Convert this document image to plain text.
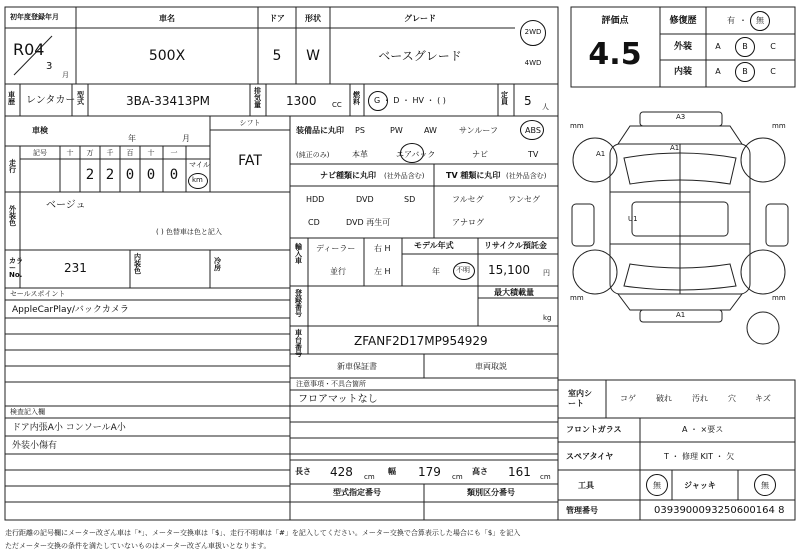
A3
A1
A1
U1
A1
mm	mm
mm	mm
初年度登録年月
R04
3
月
車名
500X
ドア
5
形状
W
グレード
ベースグレード
2WD
4WD
評価点
4.5
修復歴	有 ・ 無
外装	A	B	C
内装	A	B	C
車歴 レンタカー 型式	3BA-33413PM
排気量 1300 CC
燃料 G ・ D ・ HV ・ ( )
定員 5 人
車検
年	月
シフト
FAT
走行
記号	十 万 千 百 十 一
2 2 0 0 0
マイル
km
装備品に丸印
(純正のみ)
PS	PW	AW	サンルーフ	ABS
本革	エアバック	ナビ	TV
ナビ種類に丸印 (社外品含む)
HDD	DVD	SD
CD	DVD 再生可
TV 種類に丸印 (社外品含む)
フルセグ	ワンセグ
アナログ
外装色
ベージュ
( ) 色替車は色と記入
カラーNo.	231
内装色
冷房
輸入車
ディーラー
並行
右 H
左 H
モデル年式
年 不明
リサイクル預託金
15,100 円
登録番号
最大積載量
kg
車台番号
ZFANF2D17MP954929
新車保証書	車両取説
注意事項・不具合箇所
フロアマットなし
セールスポイント
AppleCarPlay/バックカメラ
検査記入欄
ドア内張A小 コンソールA小
外装小傷有
長さ 428 cm
幅 179 cm
高さ 161 cm
型式指定番号	類別区分番号
室内シート
コゲ	破れ	汚れ	穴 キズ
フロントガラス	A ・ ×要ス
スペアタイヤ	T ・ 修理 KIT ・ 欠
工具	無	ジャッキ	無
管理番号	0393900093250600164 8
走行距離の記号欄にメーター改ざん車は「*」、メーター交換車は「$」、走行不明車は「#」を記入してください。メーター交換で合算表示した場合にも「$」を記入
ただメーター交換の条件を満たしていないものはメーター改ざん車扱いとなります。
